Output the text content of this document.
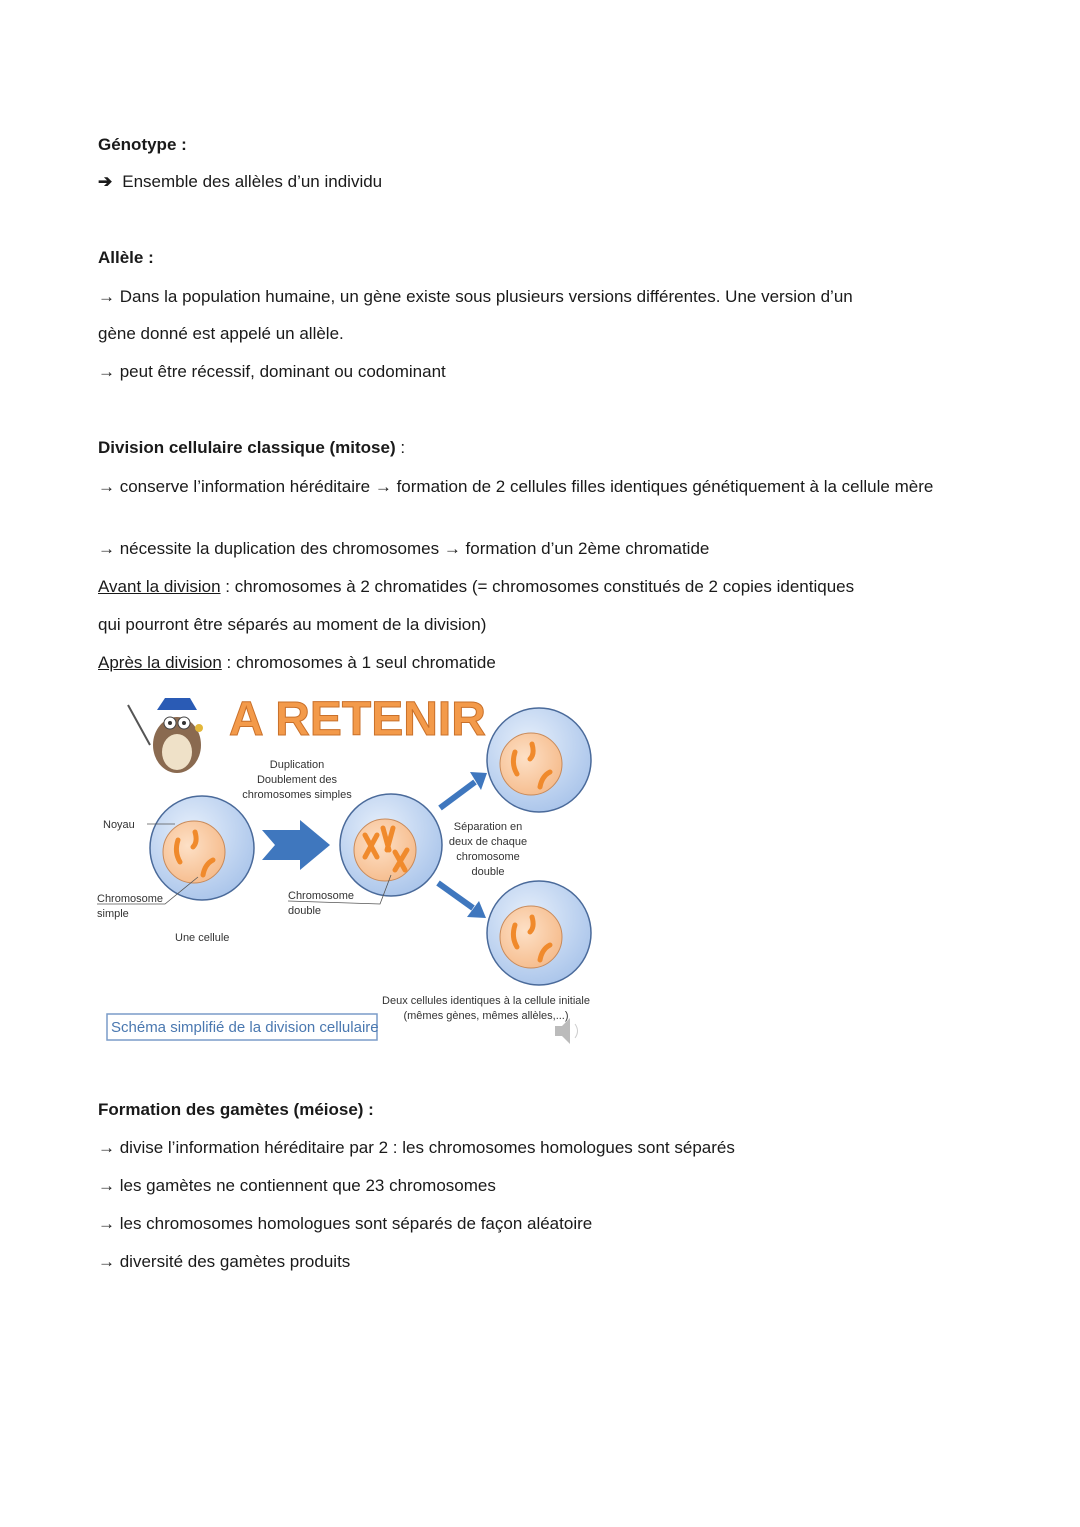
Génotype :
➔ Ensemble des allèles d’un individu
Allèle :
→ Dans la population humaine, un gène existe sous plusieurs versions différentes. Une version d’un
gène donné est appelé un allèle.
→ peut être récessif, dominant ou codominant
Division cellulaire classique (mitose) :
→ conserve l’information héréditaire → formation de 2 cellules filles identiques génétiquement à la cellule mère
→ nécessite la duplication des chromosomes → formation d’un 2ème chromatide
Avant la division : chromosomes à 2 chromatides (= chromosomes constitués de 2 copies identiques
qui pourront être séparés au moment de la division)
Après la division : chromosomes à 1 seul chromatide
A RETENIR
Duplication
Doublement des
chromosomes simples
Séparation en
deux de chaque
chromosome
double
Deux cellules identiques à la cellule initiale
(mêmes gènes, mêmes allèles,...)
Noyau
Chromosome
simple
Une cellule
Chromosome
double
Schéma simplifié de la division cellulaire
Formation des gamètes (méiose) :
→ divise l’information héréditaire par 2 : les chromosomes homologues sont séparés
→ les gamètes ne contiennent que 23 chromosomes
→ les chromosomes homologues sont séparés de façon aléatoire
→ diversité des gamètes produits
